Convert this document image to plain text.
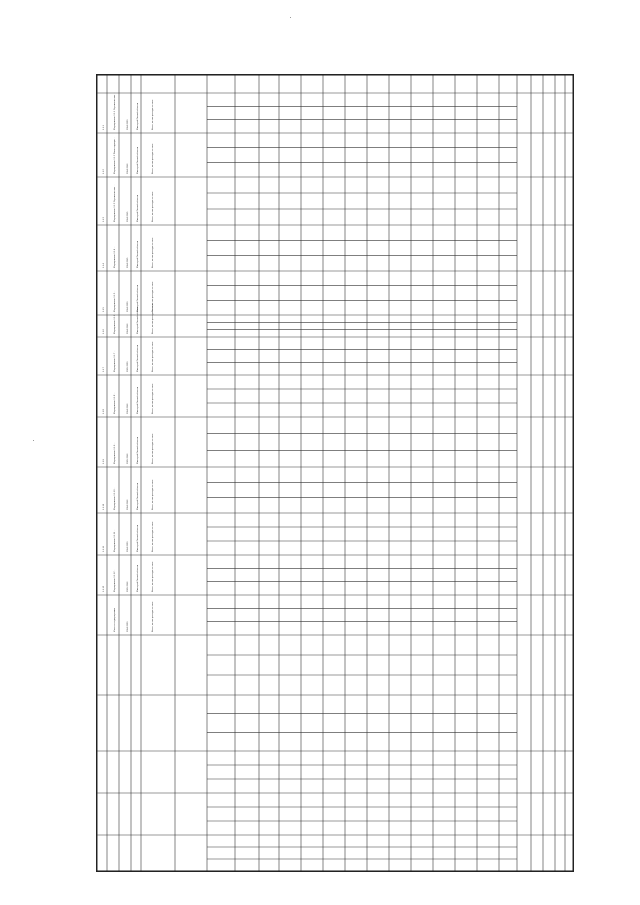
1.1.1	Мероприятие 1.1.1 Строительство ...	2014 2020	Минстрой Омской области	Всего, из них расходы за счет:
1.1.2	Мероприятие 1.1.2 Реконструкция ...	2014 2016	Минстрой Омской области	Всего, из них расходы за счет:
1.1.3	Мероприятие 1.1.3 Строительство ...	2014 2015	Минстрой Омской области	Всего, из них расходы за счет:
1.1.4	Мероприятие 1.1.4 ...	2014 2015	Минстрой Омской области	Всего, из них расходы за счет:
1.1.5	Мероприятие 1.1.5 ...	2014 2020	Минстрой Омской области	Всего, из них расходы за счет:
1.1.6	Мероприятие 1.1.6 ...	2014 2016	Минстрой Омской области	Всего, из них расходы за счет:
1.1.7	Мероприятие 1.1.7 ...	2015 2020	Минстрой Омской области	Всего, из них расходы за счет:
1.1.8	Мероприятие 1.1.8 ...	2014 2016	Минстрой Омской области	Всего, из них расходы за счет:
1.1.9	Мероприятие 1.1.9 ...	2015 2016	Минстрой Омской области	Всего, из них расходы за счет:
1.1.10	Мероприятие 1.1.10 ...	2014 2016	Минстрой Омской области	Всего, из них расходы за счет:
1.1.11	Мероприятие 1.1.11 ...	2014 2020	Минстрой Омской области	Всего, из них расходы за счет:
1.1.12	Мероприятие 1.1.12 ...	2015 2016	Минстрой Омской области	Всего, из них расходы за счет:
Итого по подпрограмме	2014 2020	Всего, из них расходы за счет:
